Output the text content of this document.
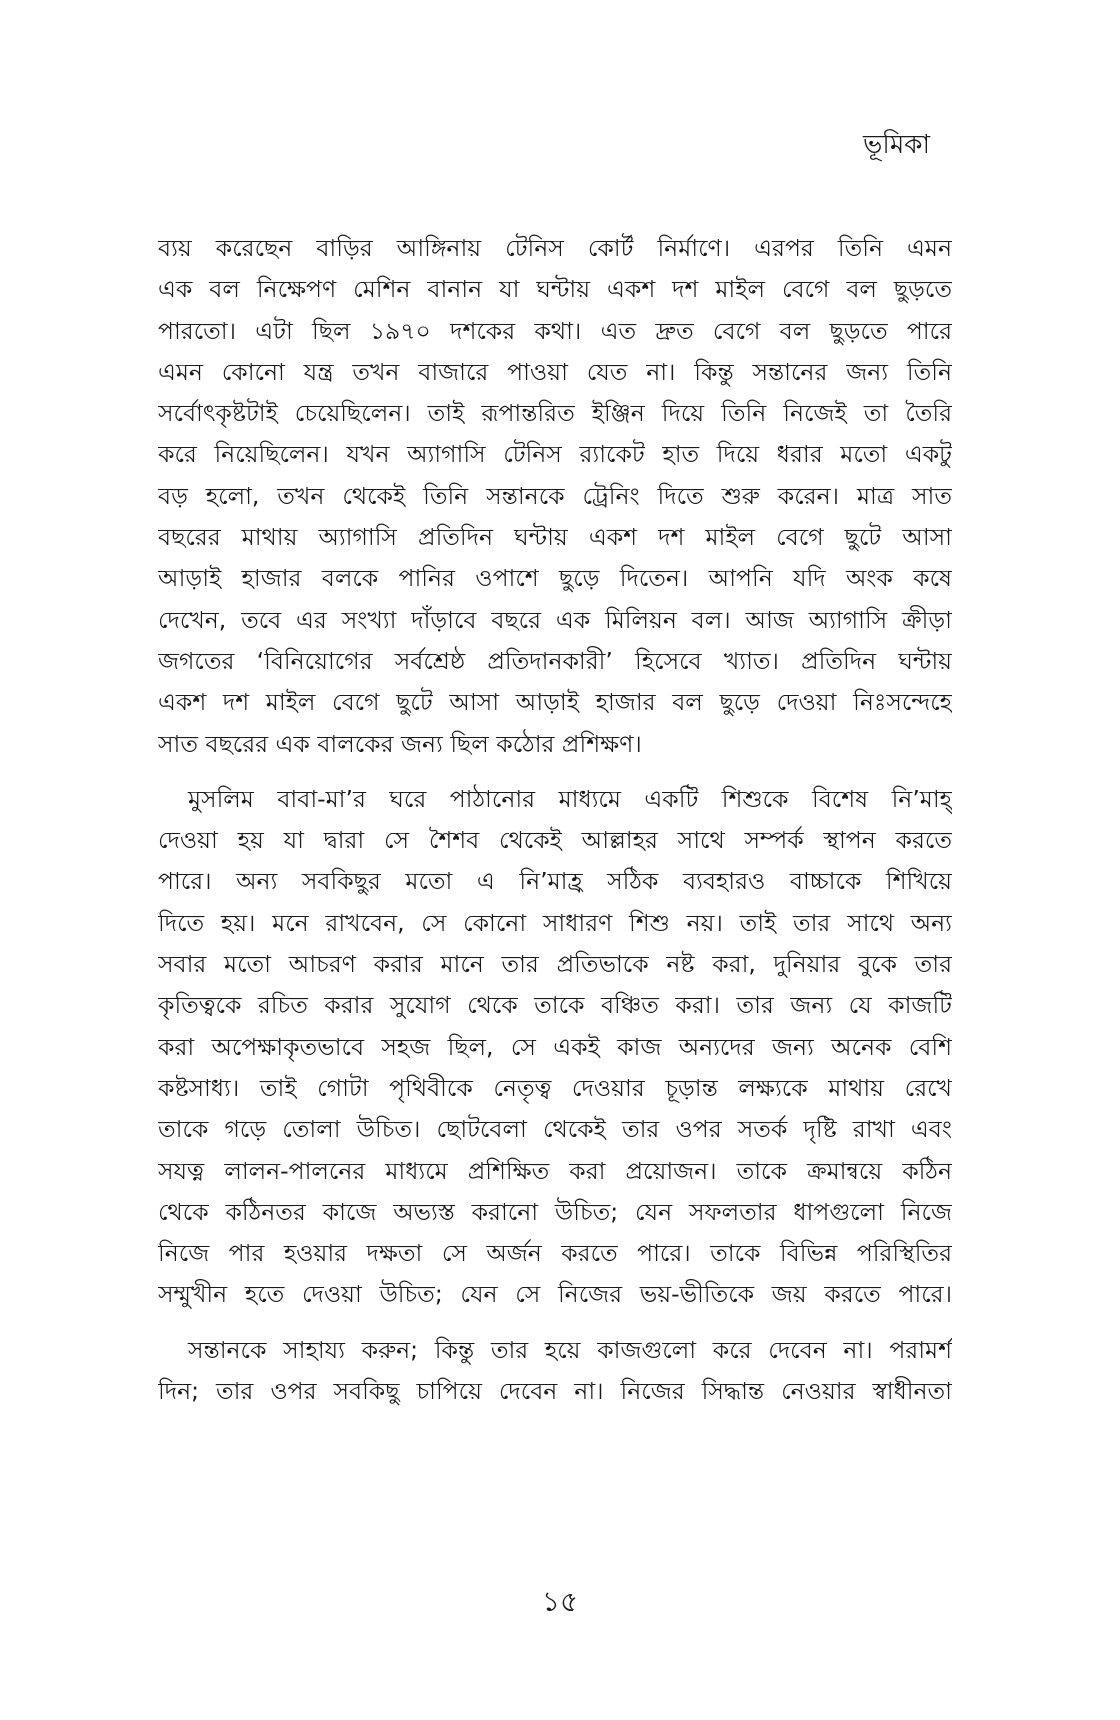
ভূমিকা

ব্যয় করেছেন বাড়ির আঙ্গিনায় টেনিস কোর্ট নির্মাণে। এরপর তিনি এমন
এক বল নিক্ষেপণ মেশিন বানান যা ঘন্টায় একশ দশ মাইল বেগে বল ছুড়তে
পারতো। এটা ছিল ১৯৭০ দশকের কথা। এত দ্রুত বেগে বল ছুড়তে পারে
এমন কোনো যন্ত্র তখন বাজারে পাওয়া যেত না। কিন্তু সন্তানের জন্য তিনি
সর্বোৎকৃষ্টটাই চেয়েছিলেন। তাই রূপান্তরিত ইঞ্জিন দিয়ে তিনি নিজেই তা তৈরি
করে নিয়েছিলেন। যখন অ্যাগাসি টেনিস র‍্যাকেট হাত দিয়ে ধরার মতো একটু
বড় হলো, তখন থেকেই তিনি সন্তানকে ট্রেনিং দিতে শুরু করেন। মাত্র সাত
বছরের মাথায় অ্যাগাসি প্রতিদিন ঘন্টায় একশ দশ মাইল বেগে ছুটে আসা
আড়াই হাজার বলকে পানির ওপাশে ছুড়ে দিতেন। আপনি যদি অংক কষে
দেখেন, তবে এর সংখ্যা দাঁড়াবে বছরে এক মিলিয়ন বল। আজ অ্যাগাসি ক্রীড়া
জগতের ‘বিনিয়োগের সর্বশ্রেষ্ঠ প্রতিদানকারী’ হিসেবে খ্যাত। প্রতিদিন ঘন্টায়
একশ দশ মাইল বেগে ছুটে আসা আড়াই হাজার বল ছুড়ে দেওয়া নিঃসন্দেহে
সাত বছরের এক বালকের জন্য ছিল কঠোর প্রশিক্ষণ।

মুসলিম বাবা-মা’র ঘরে পাঠানোর মাধ্যমে একটি শিশুকে বিশেষ নি’মাহ্
দেওয়া হয় যা দ্বারা সে শৈশব থেকেই আল্লাহর সাথে সম্পর্ক স্থাপন করতে
পারে। অন্য সবকিছুর মতো এ নি’মাহ্র সঠিক ব্যবহারও বাচ্চাকে শিখিয়ে
দিতে হয়। মনে রাখবেন, সে কোনো সাধারণ শিশু নয়। তাই তার সাথে অন্য
সবার মতো আচরণ করার মানে তার প্রতিভাকে নষ্ট করা, দুনিয়ার বুকে তার
কৃতিত্বকে রচিত করার সুযোগ থেকে তাকে বঞ্চিত করা। তার জন্য যে কাজটি
করা অপেক্ষাকৃতভাবে সহজ ছিল, সে একই কাজ অন্যদের জন্য অনেক বেশি
কষ্টসাধ্য। তাই গোটা পৃথিবীকে নেতৃত্ব দেওয়ার চূড়ান্ত লক্ষ্যকে মাথায় রেখে
তাকে গড়ে তোলা উচিত। ছোটবেলা থেকেই তার ওপর সতর্ক দৃষ্টি রাখা এবং
সযত্ন লালন-পালনের মাধ্যমে প্রশিক্ষিত করা প্রয়োজন। তাকে ক্রমান্বয়ে কঠিন
থেকে কঠিনতর কাজে অভ্যস্ত করানো উচিত; যেন সফলতার ধাপগুলো নিজে
নিজে পার হওয়ার দক্ষতা সে অর্জন করতে পারে। তাকে বিভিন্ন পরিস্থিতির
সম্মুখীন হতে দেওয়া উচিত; যেন সে নিজের ভয়-ভীতিকে জয় করতে পারে।

সন্তানকে সাহায্য করুন; কিন্তু তার হয়ে কাজগুলো করে দেবেন না। পরামর্শ
দিন; তার ওপর সবকিছু চাপিয়ে দেবেন না। নিজের সিদ্ধান্ত নেওয়ার স্বাধীনতা

১৫
